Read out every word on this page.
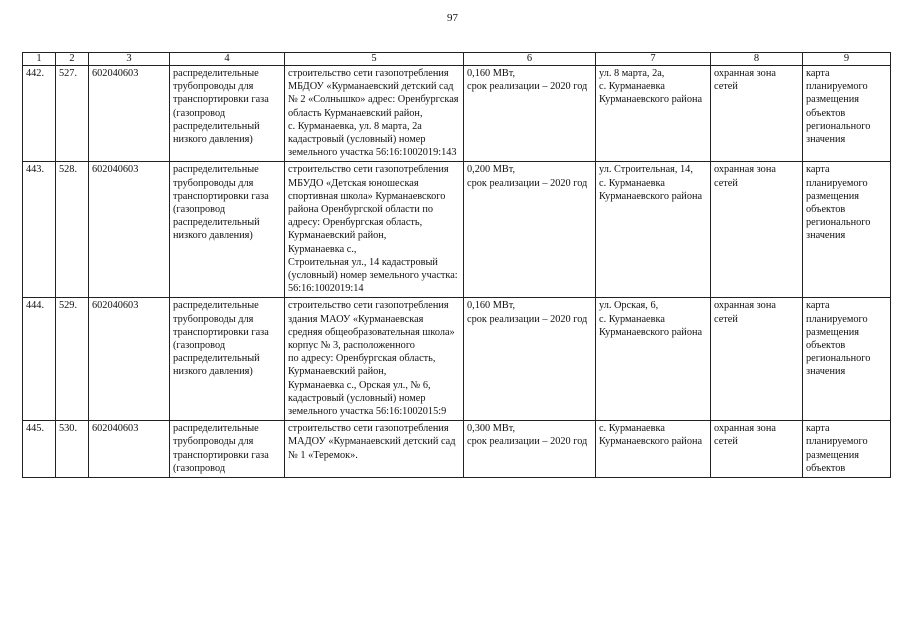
97
1	2	3	4	5	6	7	8	9
442.	527.	602040603	распределительные трубопроводы для транспортировки газа (газопровод распределительный низкого давления)	строительство сети газопотребления МБДОУ «Курманаевский детский сад № 2 «Солнышко» адрес: Оренбургская область Курманаевский район,
с. Курманаевка, ул. 8 марта, 2а кадастровый (условный) номер земельного участка 56:16:1002019:143	0,160 МВт,
срок реализации – 2020 год	ул. 8 марта, 2а,
с. Курманаевка Курманаевского района	охранная зона сетей	карта планируемого размещения объектов регионального значения
443.	528.	602040603	распределительные трубопроводы для транспортировки газа (газопровод распределительный низкого давления)	строительство сети газопотребления МБУДО «Детская юношеская спортивная школа» Курманаевского района Оренбургской области по адресу: Оренбургская область,
Курманаевский район,
Курманаевка с.,
Строительная ул., 14 кадастровый (условный) номер земельного участка: 56:16:1002019:14	0,200 МВт,
срок реализации – 2020 год	ул. Строительная, 14,
с. Курманаевка Курманаевского района	охранная зона сетей	карта планируемого размещения объектов регионального значения
444.	529.	602040603	распределительные трубопроводы для транспортировки газа (газопровод распределительный низкого давления)	строительство сети газопотребления здания МАОУ «Курманаевская средняя общеобразовательная школа» корпус № 3, расположенного
по адресу: Оренбургская область, Курманаевский район,
Курманаевка с., Орская ул., № 6, кадастровый (условный) номер земельного участка 56:16:1002015:9	0,160 МВт,
срок реализации – 2020 год	ул. Орская, 6,
с. Курманаевка Курманаевского района	охранная зона сетей	карта планируемого размещения объектов регионального значения
445.	530.	602040603	распределительные трубопроводы для транспортировки газа (газопровод	строительство сети газопотребления МАДОУ «Курманаевский детский сад № 1 «Теремок».	0,300 МВт,
срок реализации – 2020 год	с. Курманаевка Курманаевского района	охранная зона сетей	карта планируемого размещения объектов
